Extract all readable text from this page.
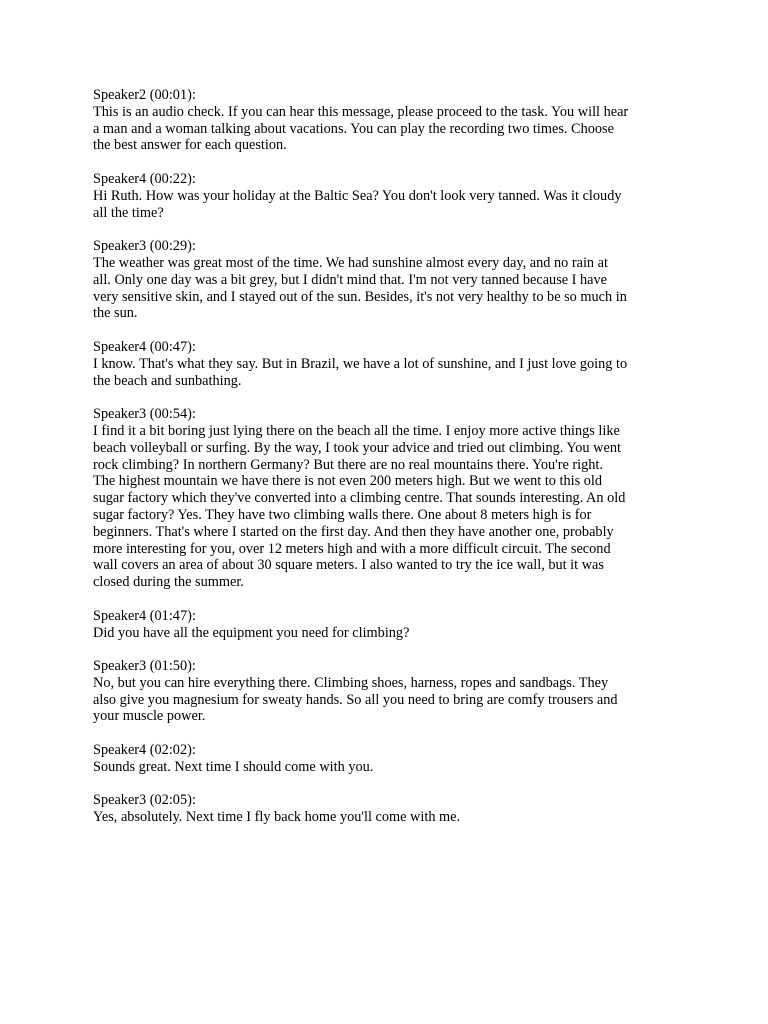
Speaker2 (00:01):
This is an audio check. If you can hear this message, please proceed to the task. You will hear
a man and a woman talking about vacations. You can play the recording two times. Choose
the best answer for each question.
Speaker4 (00:22):
Hi Ruth. How was your holiday at the Baltic Sea? You don't look very tanned. Was it cloudy
all the time?
Speaker3 (00:29):
The weather was great most of the time. We had sunshine almost every day, and no rain at
all. Only one day was a bit grey, but I didn't mind that. I'm not very tanned because I have
very sensitive skin, and I stayed out of the sun. Besides, it's not very healthy to be so much in
the sun.
Speaker4 (00:47):
I know. That's what they say. But in Brazil, we have a lot of sunshine, and I just love going to
the beach and sunbathing.
Speaker3 (00:54):
I find it a bit boring just lying there on the beach all the time. I enjoy more active things like
beach volleyball or surfing. By the way, I took your advice and tried out climbing. You went
rock climbing? In northern Germany? But there are no real mountains there. You're right.
The highest mountain we have there is not even 200 meters high. But we went to this old
sugar factory which they've converted into a climbing centre. That sounds interesting. An old
sugar factory? Yes. They have two climbing walls there. One about 8 meters high is for
beginners. That's where I started on the first day. And then they have another one, probably
more interesting for you, over 12 meters high and with a more difficult circuit. The second
wall covers an area of about 30 square meters. I also wanted to try the ice wall, but it was
closed during the summer.
Speaker4 (01:47):
Did you have all the equipment you need for climbing?
Speaker3 (01:50):
No, but you can hire everything there. Climbing shoes, harness, ropes and sandbags. They
also give you magnesium for sweaty hands. So all you need to bring are comfy trousers and
your muscle power.
Speaker4 (02:02):
Sounds great. Next time I should come with you.
Speaker3 (02:05):
Yes, absolutely. Next time I fly back home you'll come with me.
